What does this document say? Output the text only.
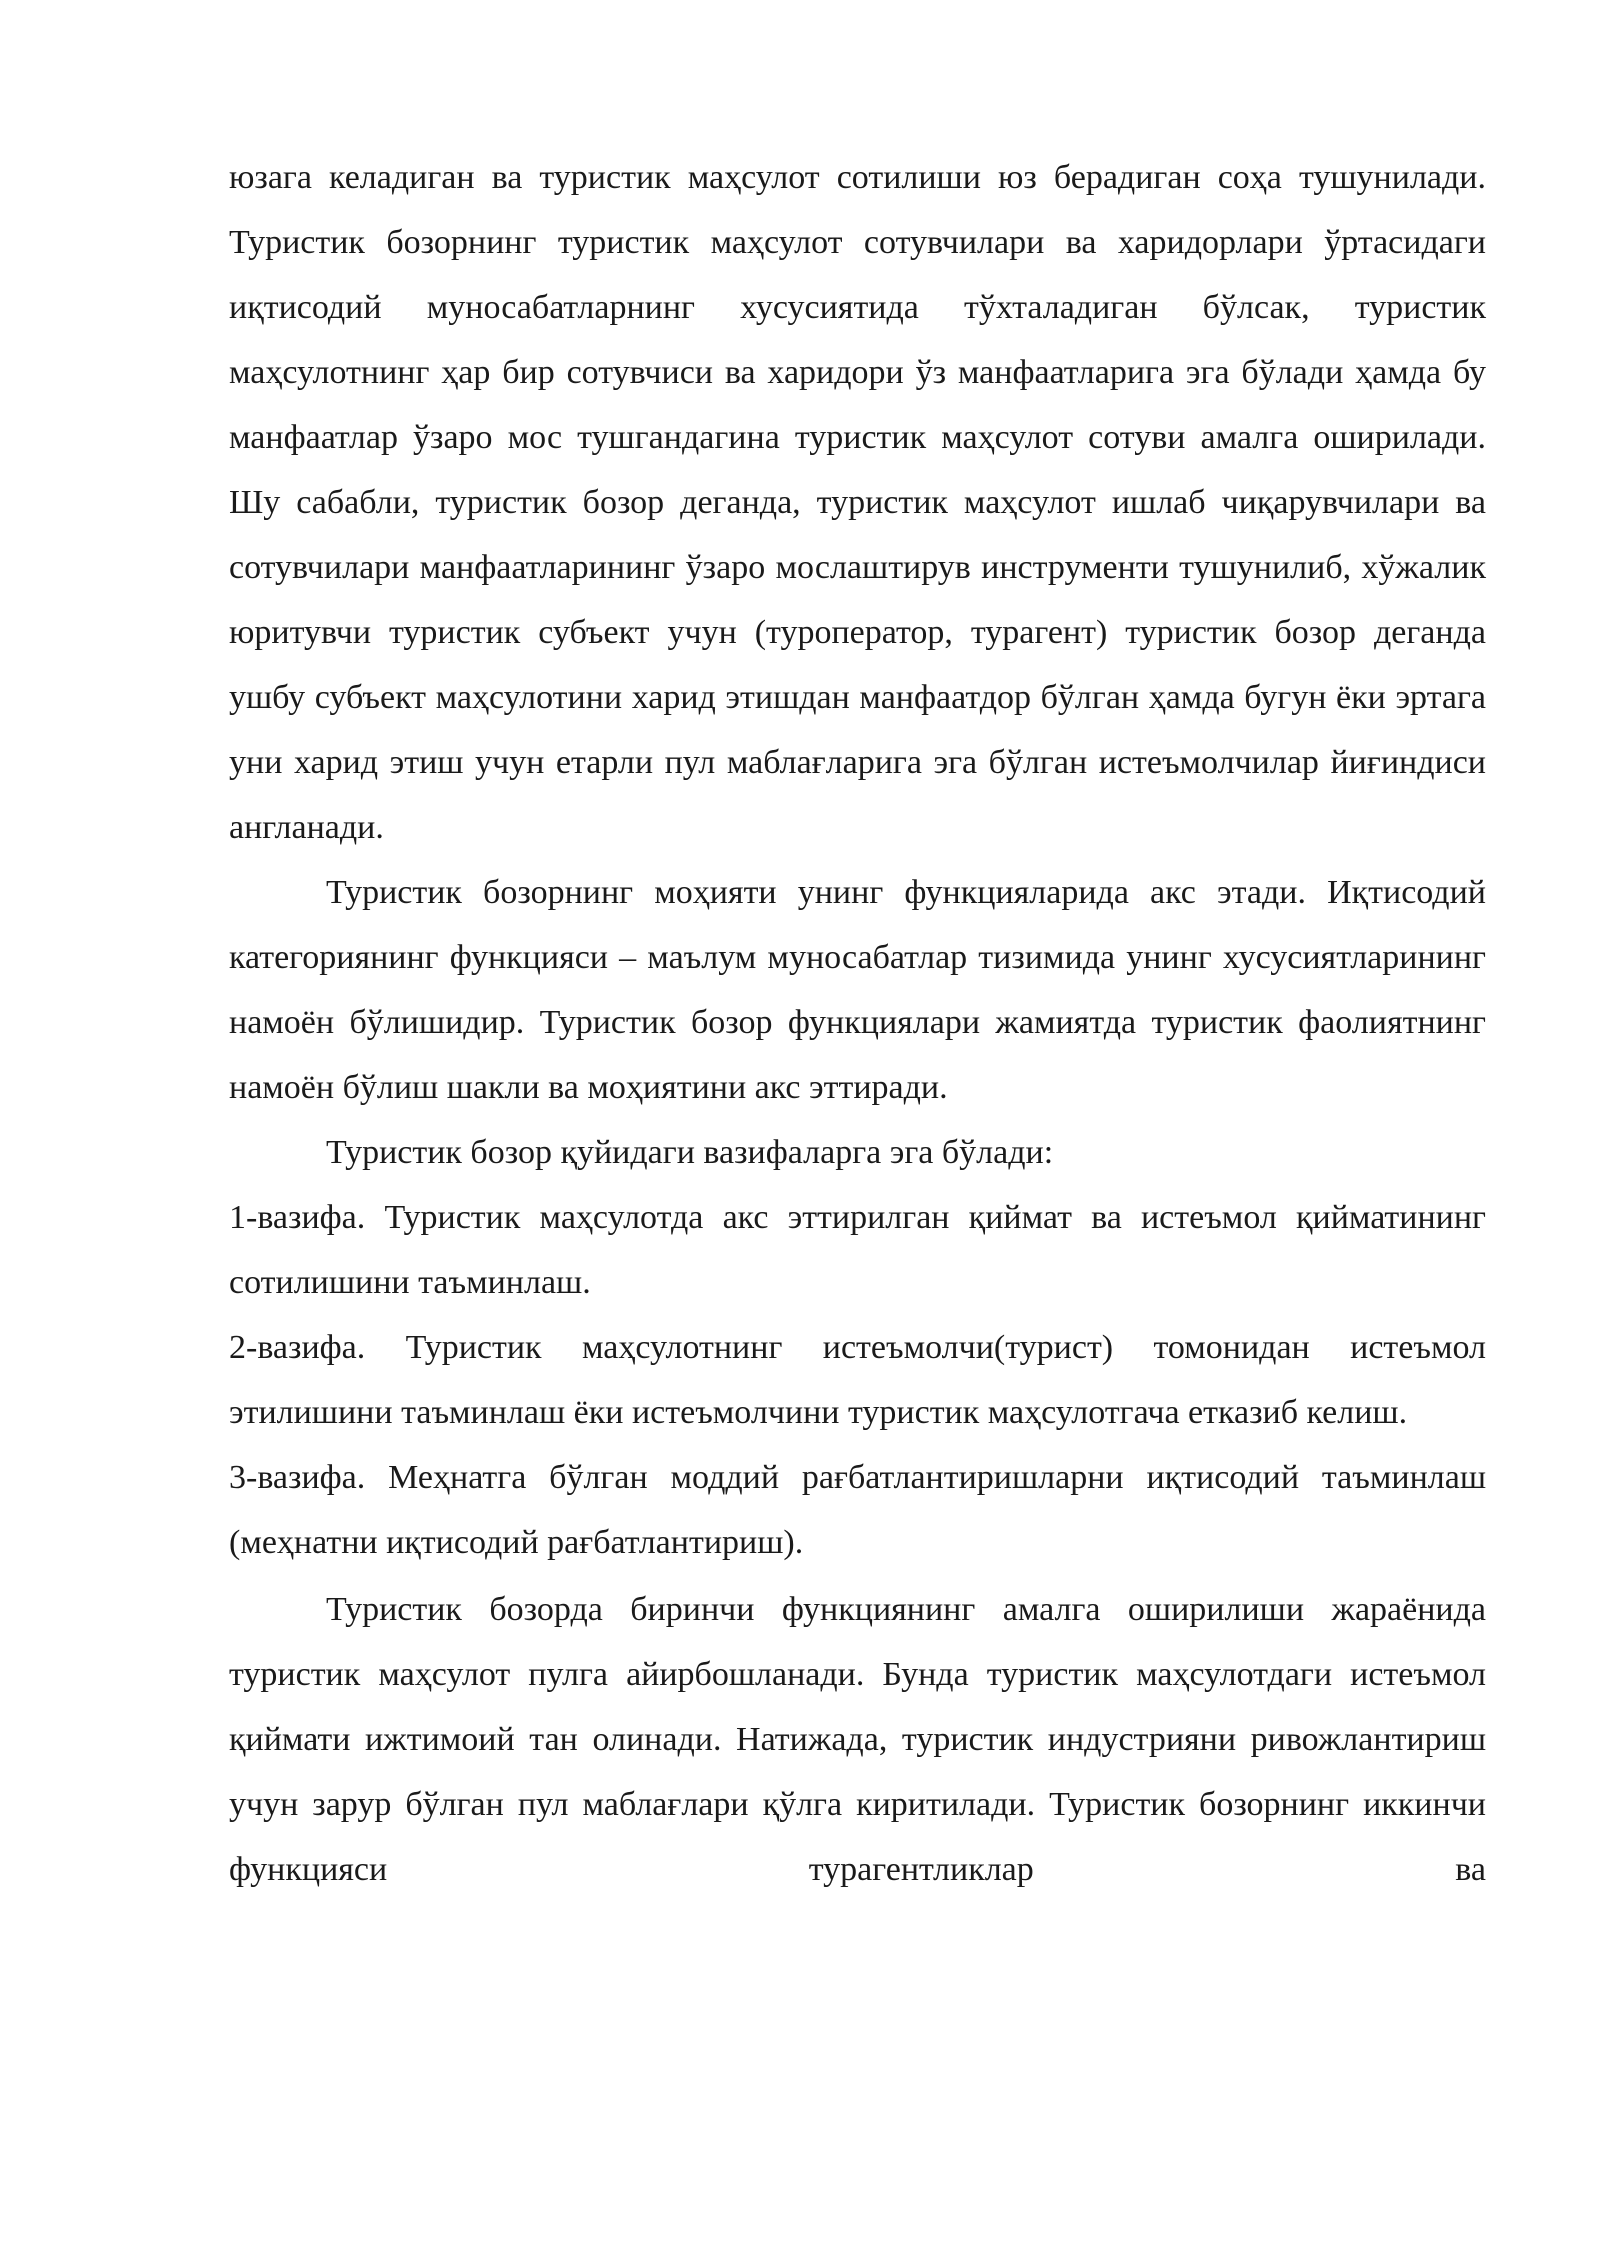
юзага келадиган ва туристик маҳсулот сотилиши юз берадиган соҳа тушунилади. Туристик бозорнинг туристик маҳсулот сотувчилари ва харидорлари ўртасидаги иқтисодий муносабатларнинг хусусиятида тўхталадиган бўлсак, туристик маҳсулотнинг ҳар бир сотувчиси ва харидори ўз манфаатларига эга бўлади ҳамда бу манфаатлар ўзаро мос тушгандагина туристик маҳсулот сотуви амалга оширилади. Шу сабабли, туристик бозор деганда, туристик маҳсулот ишлаб чиқарувчилари ва сотувчилари манфаатларининг ўзаро мослаштирув инструменти тушунилиб, хўжалик юритувчи туристик субъект учун (туроператор, турагент) туристик бозор деганда ушбу субъект маҳсулотини харид этишдан манфаатдор бўлган ҳамда бугун ёки эртага уни харид этиш учун етарли пул маблағларига эга бўлган истеъмолчилар йиғиндиси англанади.

Туристик бозорнинг моҳияти унинг функцияларида акс этади. Иқтисодий категориянинг функцияси – маълум муносабатлар тизимида унинг хусусиятларининг намоён бўлишидир. Туристик бозор функциялари жамиятда туристик фаолиятнинг намоён бўлиш шакли ва моҳиятини акс эттиради.

Туристик бозор қуйидаги вазифаларга эга бўлади:

1-вазифа. Туристик маҳсулотда акс эттирилган қиймат ва истеъмол қийматининг сотилишини таъминлаш.

2-вазифа. Туристик маҳсулотнинг истеъмолчи(турист) томонидан истеъмол этилишини таъминлаш ёки истеъмолчини туристик маҳсулотгача етказиб келиш.

3-вазифа. Меҳнатга бўлган моддий рағбатлантиришларни иқтисодий таъминлаш (меҳнатни иқтисодий рағбатлантириш).

Туристик бозорда биринчи функциянинг амалга оширилиши жараёнида туристик маҳсулот пулга айирбошланади. Бунда туристик маҳсулотдаги истеъмол қиймати ижтимоий тан олинади. Натижада, туристик индустрияни ривожлантириш учун зарур бўлган пул маблағлари қўлга киритилади. Туристик бозорнинг иккинчи функцияси турагентликлар ва
